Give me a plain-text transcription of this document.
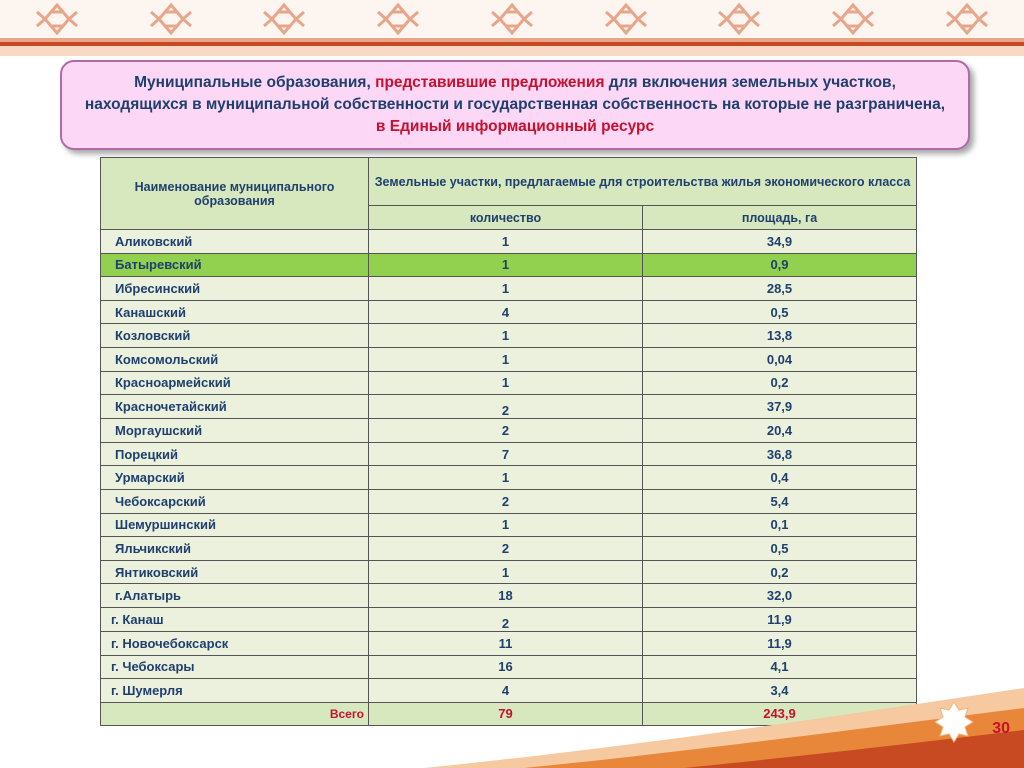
Муниципальные образования, представившие предложения для включения земельных участков, находящихся в муниципальной собственности и государственная собственность на которые не разграничена, в Единый информационный ресурс
Наименование муниципального образования	Земельные участки, предлагаемые для строительства жилья экономического класса	
	количество	площадь, га
Аликовский	1	34,9
Батыревский	1	0,9
Ибресинский	1	28,5
Канашский	4	0,5
Козловский	1	13,8
Комсомольский	1	0,04
Красноармейский	1	0,2
Красночетайский	2	37,9
Моргаушский	2	20,4
Порецкий	7	36,8
Урмарский	1	0,4
Чебоксарский	2	5,4
Шемуршинский	1	0,1
Яльчикский	2	0,5
Янтиковский	1	0,2
г.Алатырь	18	32,0
г. Канаш	2	11,9
г. Новочебоксарск	11	11,9
г. Чебоксары	16	4,1
г. Шумерля	4	3,4
Всего	79	243,9
30
